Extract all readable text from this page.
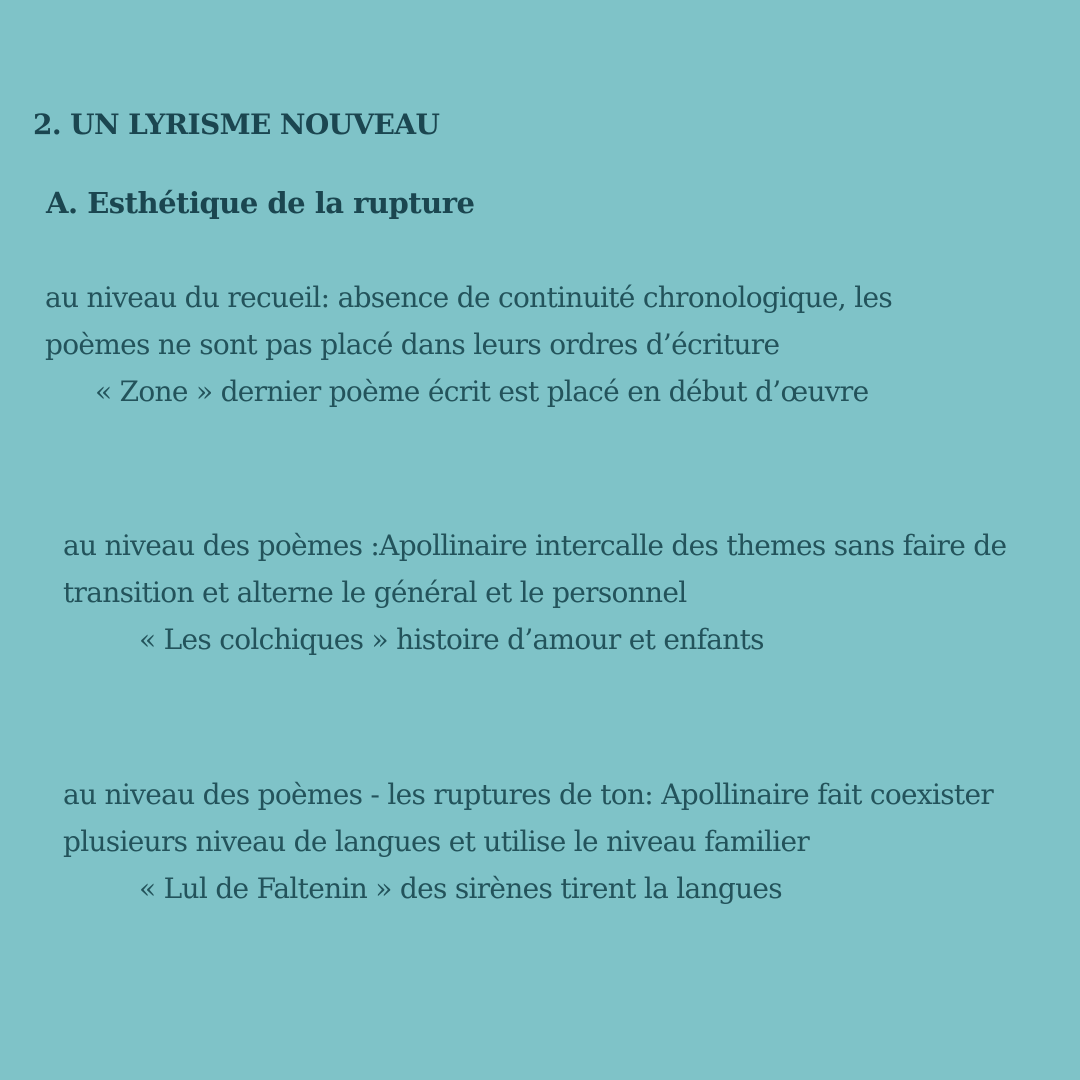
2. UN LYRISME NOUVEAU
A. Esthétique de la rupture
au niveau du recueil: absence de continuité chronologique, les
poèmes ne sont pas placé dans leurs ordres d’écriture
« Zone » dernier poème écrit est placé en début d’œuvre
au niveau des poèmes :Apollinaire intercalle des themes sans faire de
transition et alterne le général et le personnel
« Les colchiques » histoire d’amour et enfants
au niveau des poèmes - les ruptures de ton: Apollinaire fait coexister
plusieurs niveau de langues et utilise le niveau familier
« Lul de Faltenin » des sirènes tirent la langues
